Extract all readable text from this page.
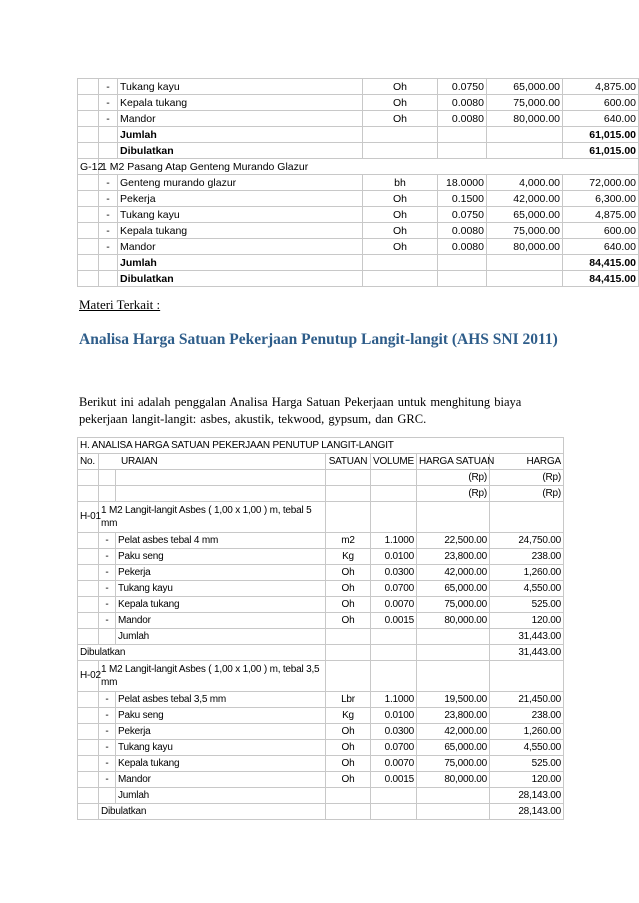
	-	Tukang kayu	Oh	0.0750	65,000.00	4,875.00
	-	Kepala tukang	Oh	0.0080	75,000.00	600.00
	-	Mandor	Oh	0.0080	80,000.00	640.00
		Jumlah				61,015.00
		Dibulatkan				61,015.00
G-12	1 M2 Pasang Atap Genteng Murando Glazur					
	-	Genteng murando glazur	bh	18.0000	4,000.00	72,000.00
	-	Pekerja	Oh	0.1500	42,000.00	6,300.00
	-	Tukang kayu	Oh	0.0750	65,000.00	4,875.00
	-	Kepala tukang	Oh	0.0080	75,000.00	600.00
	-	Mandor	Oh	0.0080	80,000.00	640.00
		Jumlah				84,415.00
		Dibulatkan				84,415.00
Materi Terkait :
Analisa Harga Satuan Pekerjaan Penutup Langit-langit (AHS SNI 2011)
Berikut ini adalah penggalan Analisa Harga Satuan Pekerjaan untuk menghitung biaya
pekerjaan langit-langit: asbes, akustik, tekwood, gypsum, dan GRC.
H. ANALISA HARGA SATUAN PEKERJAAN PENUTUP LANGIT-LANGIT						
No.	URAIAN		SATUAN	VOLUME	HARGA SATUAN	HARGA
					(Rp)	(Rp)
					(Rp)	(Rp)
H-01	1 M2 Langit-langit Asbes ( 1,00 x 1,00 ) m, tebal 5 mm					
	-	Pelat asbes tebal 4 mm	m2	1.1000	22,500.00	24,750.00
	-	Paku seng	Kg	0.0100	23,800.00	238.00
	-	Pekerja	Oh	0.0300	42,000.00	1,260.00
	-	Tukang kayu	Oh	0.0700	65,000.00	4,550.00
	-	Kepala tukang	Oh	0.0070	75,000.00	525.00
	-	Mandor	Oh	0.0015	80,000.00	120.00
		Jumlah				31,443.00
Dibulatkan						31,443.00
H-02	1 M2 Langit-langit Asbes ( 1,00 x 1,00 ) m, tebal 3,5 mm					
	-	Pelat asbes tebal 3,5 mm	Lbr	1.1000	19,500.00	21,450.00
	-	Paku seng	Kg	0.0100	23,800.00	238.00
	-	Pekerja	Oh	0.0300	42,000.00	1,260.00
	-	Tukang kayu	Oh	0.0700	65,000.00	4,550.00
	-	Kepala tukang	Oh	0.0070	75,000.00	525.00
	-	Mandor	Oh	0.0015	80,000.00	120.00
		Jumlah				28,143.00
	Dibulatkan					28,143.00
